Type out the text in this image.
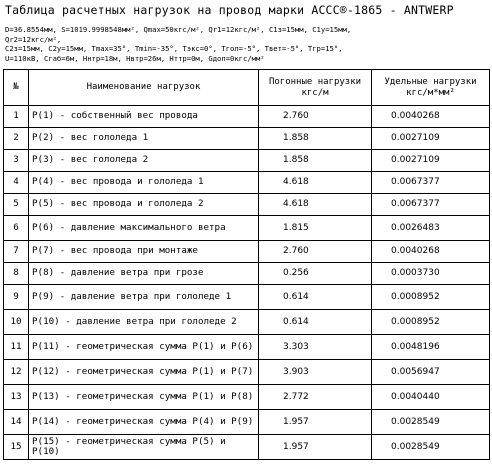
Таблица расчетных нагрузок на провод марки АССС®-1865 - ANTWERP
D=36.8554мм, S=1019.9998548мм², Qmax=50кгс/м², Qr1=12кгс/м², C1з=15мм, C1у=15мм,
Qr2=12кгс/м²,
C2з=15мм, C2у=15мм, Tmax=35°, Tmin=-35°, Tэкс=0°, Tгол=-5°, Tвет=-5°, Tгр=15°,
U=110кВ, Cгаб=6м, Hнтр=18м, Hвтр=26м, Hттр=0м, Gдоп=0кгс/мм²
№	Наименование нагрузок	Погонные нагрузки кгс/м	Удельные нагрузки кгс/м*мм²
1	P(1) - собственный вес провода	2.760	0.0040268
2	P(2) - вес гололеда 1	1.858	0.0027109
3	P(3) - вес гололеда 2	1.858	0.0027109
4	P(4) - вес провода и гололеда 1	4.618	0.0067377
5	P(5) - вес провода и гололеда 2	4.618	0.0067377
6	P(6) - давление максимального ветра	1.815	0.0026483
7	P(7) - вес провода при монтаже	2.760	0.0040268
8	P(8) - давление ветра при грозе	0.256	0.0003730
9	P(9) - давление ветра при гололеде 1	0.614	0.0008952
10	P(10) - давление ветра при гололеде 2	0.614	0.0008952
11	P(11) - геометрическая сумма P(1) и P(6)	3.303	0.0048196
12	P(12) - геометрическая сумма P(1) и P(7)	3.903	0.0056947
13	P(13) - геометрическая сумма P(1) и P(8)	2.772	0.0040440
14	P(14) - геометрическая сумма P(4) и P(9)	1.957	0.0028549
15	P(15) - геометрическая сумма P(5) и P(10)	1.957	0.0028549
